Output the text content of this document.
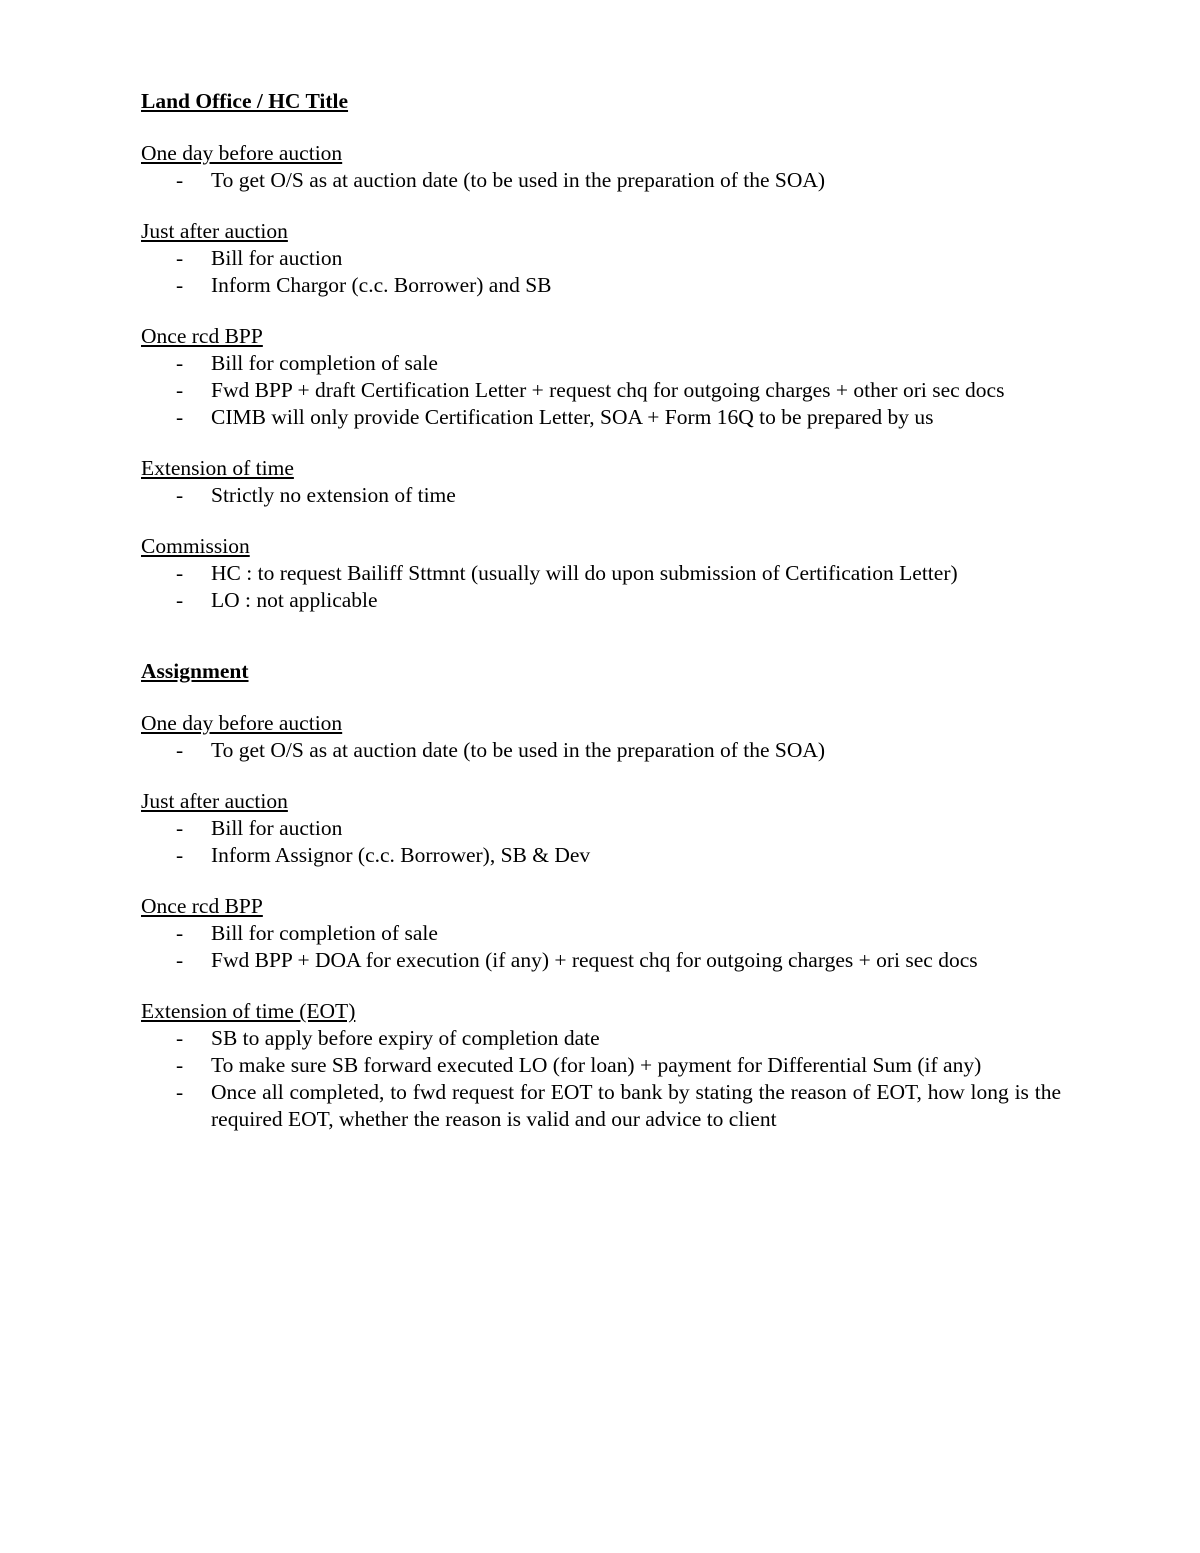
Land Office / HC Title
One day before auction
- To get O/S as at auction date (to be used in the preparation of the SOA)
Just after auction
- Bill for auction
- Inform Chargor (c.c. Borrower) and SB
Once rcd BPP
- Bill for completion of sale
- Fwd BPP + draft Certification Letter + request chq for outgoing charges + other ori sec docs
- CIMB will only provide Certification Letter, SOA + Form 16Q to be prepared by us
Extension of time
- Strictly no extension of time
Commission
- HC : to request Bailiff Sttmnt (usually will do upon submission of Certification Letter)
- LO : not applicable
Assignment
One day before auction
- To get O/S as at auction date (to be used in the preparation of the SOA)
Just after auction
- Bill for auction
- Inform Assignor (c.c. Borrower), SB & Dev
Once rcd BPP
- Bill for completion of sale
- Fwd BPP + DOA for execution (if any) + request chq for outgoing charges + ori sec docs
Extension of time (EOT)
- SB to apply before expiry of completion date
- To make sure SB forward executed LO (for loan) + payment for Differential Sum (if any)
- Once all completed, to fwd request for EOT to bank by stating the reason of EOT, how long is the required EOT, whether the reason is valid and our advice to client
